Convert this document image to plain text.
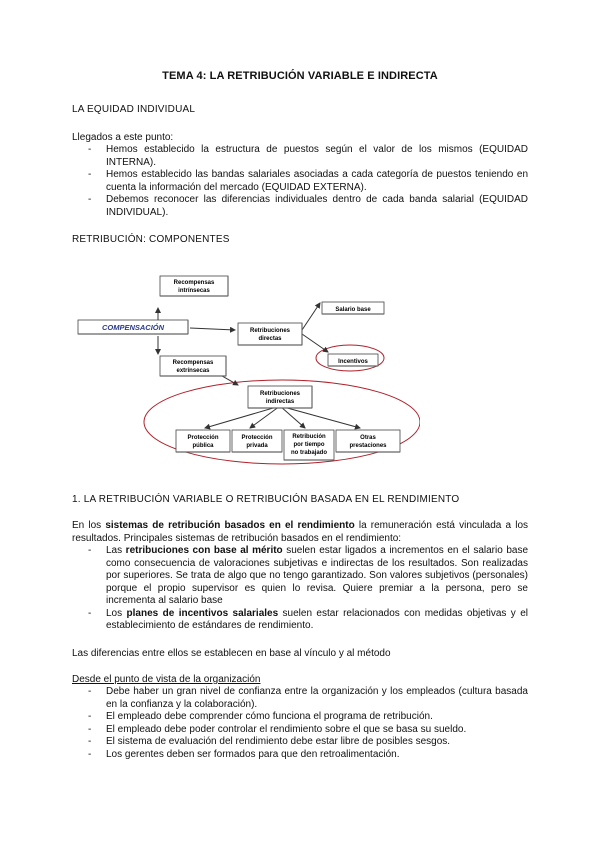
TEMA 4: LA RETRIBUCIÓN VARIABLE E INDIRECTA
LA EQUIDAD INDIVIDUAL
Llegados a este punto:
- Hemos establecido la estructura de puestos según el valor de los mismos (EQUIDAD INTERNA).
- Hemos establecido las bandas salariales asociadas a cada categoría de puestos teniendo en cuenta la información del mercado (EQUIDAD EXTERNA).
- Debemos reconocer las diferencias individuales dentro de cada banda salarial (EQUIDAD INDIVIDUAL).
RETRIBUCIÓN: COMPONENTES
COMPENSACIÓN
Recompensas
intrínsecas
Recompensas
extrínsecas
Retribuciones
directas
Salario base
Incentivos
Retribuciones
indirectas
Protección
pública
Protección
privada
Retribución
por tiempo
no trabajado
Otras
prestaciones
1. LA RETRIBUCIÓN VARIABLE O RETRIBUCIÓN BASADA EN EL RENDIMIENTO
En los sistemas de retribución basados en el rendimiento la remuneración está vinculada a los resultados. Principales sistemas de retribución basados en el rendimiento:
- Las retribuciones con base al mérito suelen estar ligados a incrementos en el salario base como consecuencia de valoraciones subjetivas e indirectas de los resultados. Son realizadas por superiores. Se trata de algo que no tengo garantizado. Son valores subjetivos (personales) porque el propio supervisor es quien lo revisa. Quiere premiar a la persona, pero se incrementa al salario base
- Los planes de incentivos salariales suelen estar relacionados con medidas objetivas y el establecimiento de estándares de rendimiento.
Las diferencias entre ellos se establecen en base al vínculo y al método
Desde el punto de vista de la organización
- Debe haber un gran nivel de confianza entre la organización y los empleados (cultura basada en la confianza y la colaboración).
- El empleado debe comprender cómo funciona el programa de retribución.
- El empleado debe poder controlar el rendimiento sobre el que se basa su sueldo.
- El sistema de evaluación del rendimiento debe estar libre de posibles sesgos.
- Los gerentes deben ser formados para que den retroalimentación.
